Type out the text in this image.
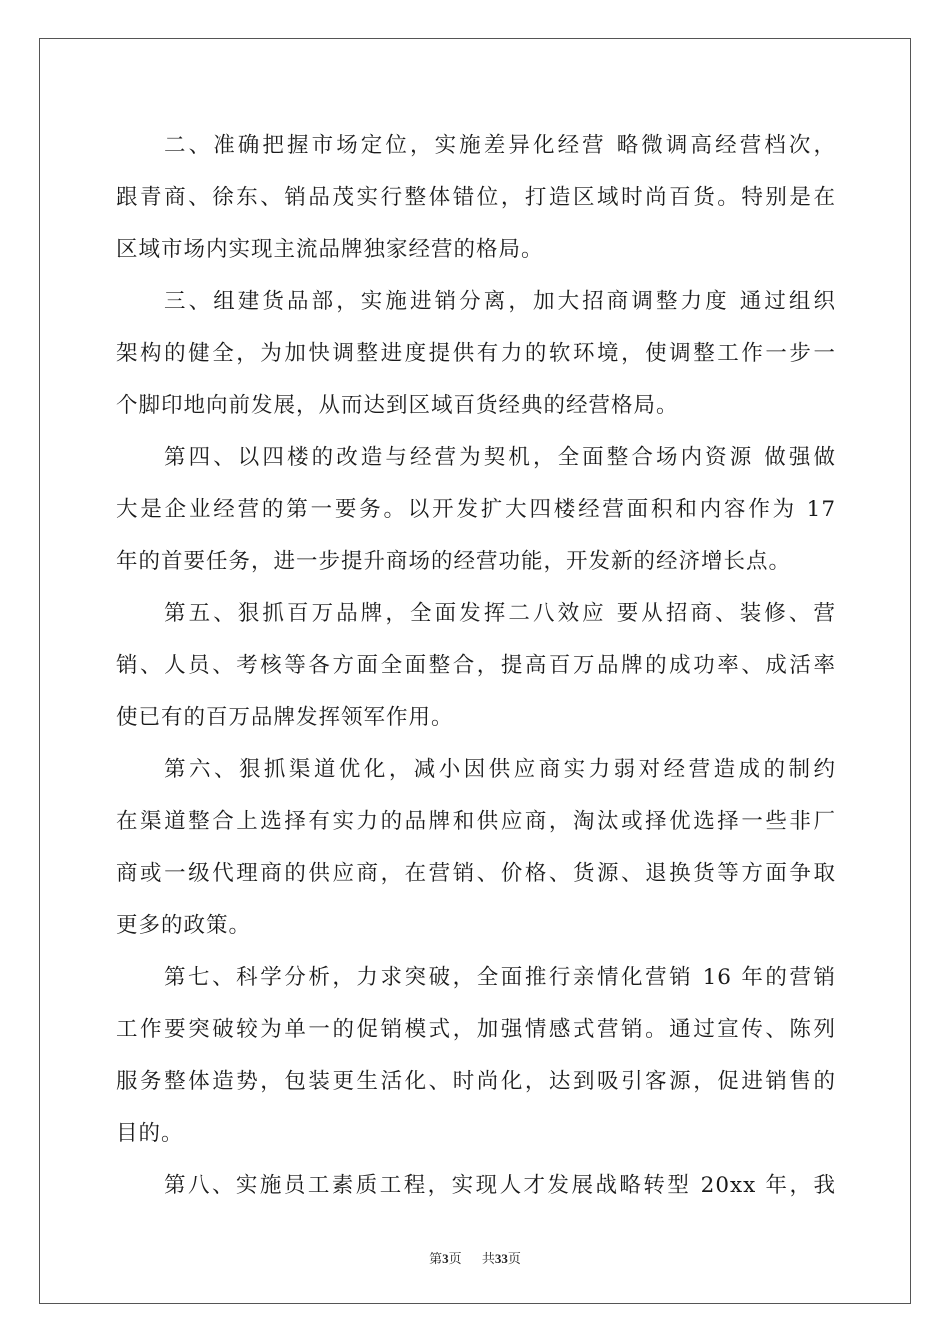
二、准确把握市场定位，实施差异化经营 略微调高经营档次，
跟青商、徐东、销品茂实行整体错位，打造区域时尚百货。特别是在
区域市场内实现主流品牌独家经营的格局。
三、组建货品部，实施进销分离，加大招商调整力度 通过组织
架构的健全，为加快调整进度提供有力的软环境，使调整工作一步一
个脚印地向前发展，从而达到区域百货经典的经营格局。
第四、以四楼的改造与经营为契机，全面整合场内资源 做强做
大是企业经营的第一要务。以开发扩大四楼经营面积和内容作为 17
年的首要任务，进一步提升商场的经营功能，开发新的经济增长点。
第五、狠抓百万品牌，全面发挥二八效应 要从招商、装修、营
销、人员、考核等各方面全面整合，提高百万品牌的成功率、成活率
使已有的百万品牌发挥领军作用。
第六、狠抓渠道优化，减小因供应商实力弱对经营造成的制约
在渠道整合上选择有实力的品牌和供应商，淘汰或择优选择一些非厂
商或一级代理商的供应商，在营销、价格、货源、退换货等方面争取
更多的政策。
第七、科学分析，力求突破，全面推行亲情化营销 16 年的营销
工作要突破较为单一的促销模式，加强情感式营销。通过宣传、陈列
服务整体造势，包装更生活化、时尚化，达到吸引客源，促进销售的
目的。
第八、实施员工素质工程，实现人才发展战略转型 20xx 年，我
第3页 共33页
